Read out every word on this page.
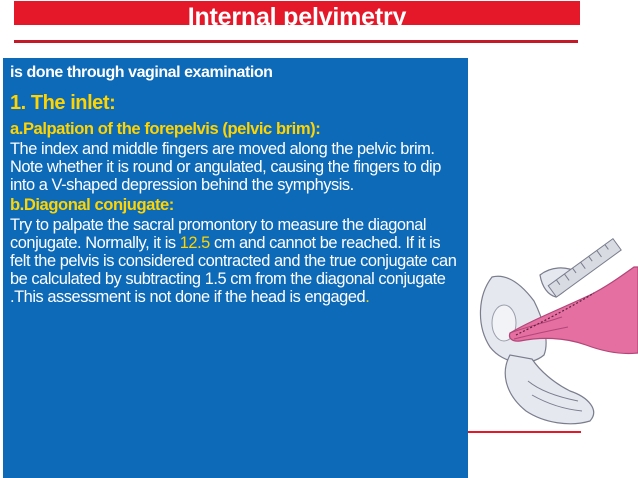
Internal pelvimetry
is done through vaginal examination
1. The inlet:
a.Palpation of the forepelvis (pelvic brim):
The index and middle fingers are moved along the pelvic brim. Note whether it is round or angulated, causing the fingers to dip into a V-shaped depression behind the symphysis.
b.Diagonal conjugate:
Try to palpate the sacral promontory to measure the diagonal conjugate. Normally, it is 12.5 cm and cannot be reached. If it is felt the pelvis is considered contracted and the true conjugate can be calculated by subtracting 1.5 cm from the diagonal conjugate .This assessment is not done if the head is engaged.
